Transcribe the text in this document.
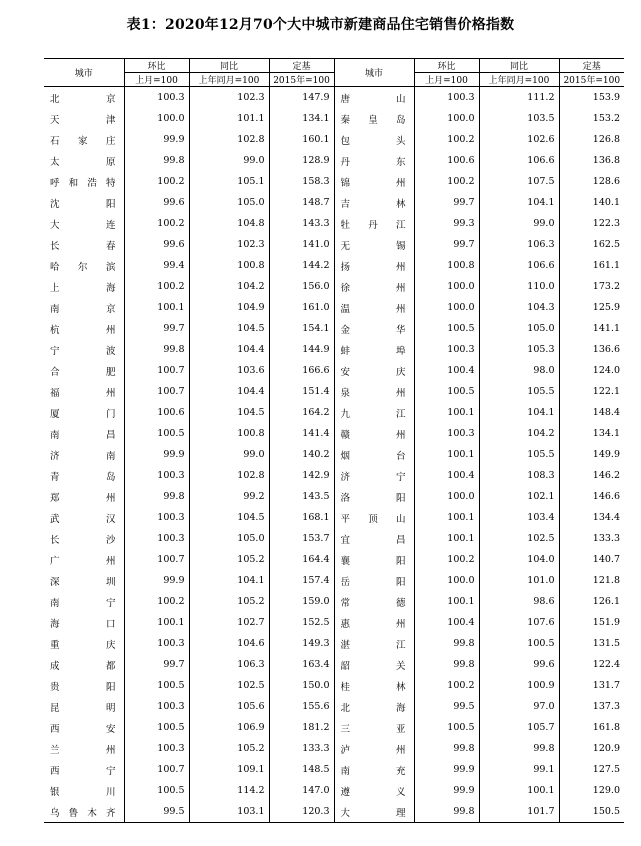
表1：2020年12月70个大中城市新建商品住宅销售价格指数
城市	环比	同比	定基	城市	环比	同比	定基
	上月=100	上年同月=100	2015年=100		上月=100	上年同月=100	2015年=100
北京	100.3	102.3	147.9	唐山	100.3	111.2	153.9
天津	100.0	101.1	134.1	秦皇岛	100.0	103.5	153.2
石家庄	99.9	102.8	160.1	包头	100.2	102.6	126.8
太原	99.8	99.0	128.9	丹东	100.6	106.6	136.8
呼和浩特	100.2	105.1	158.3	锦州	100.2	107.5	128.6
沈阳	99.6	105.0	148.7	吉林	99.7	104.1	140.1
大连	100.2	104.8	143.3	牡丹江	99.3	99.0	122.3
长春	99.6	102.3	141.0	无锡	99.7	106.3	162.5
哈尔滨	99.4	100.8	144.2	扬州	100.8	106.6	161.1
上海	100.2	104.2	156.0	徐州	100.0	110.0	173.2
南京	100.1	104.9	161.0	温州	100.0	104.3	125.9
杭州	99.7	104.5	154.1	金华	100.5	105.0	141.1
宁波	99.8	104.4	144.9	蚌埠	100.3	105.3	136.6
合肥	100.7	103.6	166.6	安庆	100.4	98.0	124.0
福州	100.7	104.4	151.4	泉州	100.5	105.5	122.1
厦门	100.6	104.5	164.2	九江	100.1	104.1	148.4
南昌	100.5	100.8	141.4	赣州	100.3	104.2	134.1
济南	99.9	99.0	140.2	烟台	100.1	105.5	149.9
青岛	100.3	102.8	142.9	济宁	100.4	108.3	146.2
郑州	99.8	99.2	143.5	洛阳	100.0	102.1	146.6
武汉	100.3	104.5	168.1	平顶山	100.1	103.4	134.4
长沙	100.3	105.0	153.7	宜昌	100.1	102.5	133.3
广州	100.7	105.2	164.4	襄阳	100.2	104.0	140.7
深圳	99.9	104.1	157.4	岳阳	100.0	101.0	121.8
南宁	100.2	105.2	159.0	常德	100.1	98.6	126.1
海口	100.1	102.7	152.5	惠州	100.4	107.6	151.9
重庆	100.3	104.6	149.3	湛江	99.8	100.5	131.5
成都	99.7	106.3	163.4	韶关	99.8	99.6	122.4
贵阳	100.5	102.5	150.0	桂林	100.2	100.9	131.7
昆明	100.3	105.6	155.6	北海	99.5	97.0	137.3
西安	100.5	106.9	181.2	三亚	100.5	105.7	161.8
兰州	100.3	105.2	133.3	泸州	99.8	99.8	120.9
西宁	100.7	109.1	148.5	南充	99.9	99.1	127.5
银川	100.5	114.2	147.0	遵义	99.9	100.1	129.0
乌鲁木齐	99.5	103.1	120.3	大理	99.8	101.7	150.5
